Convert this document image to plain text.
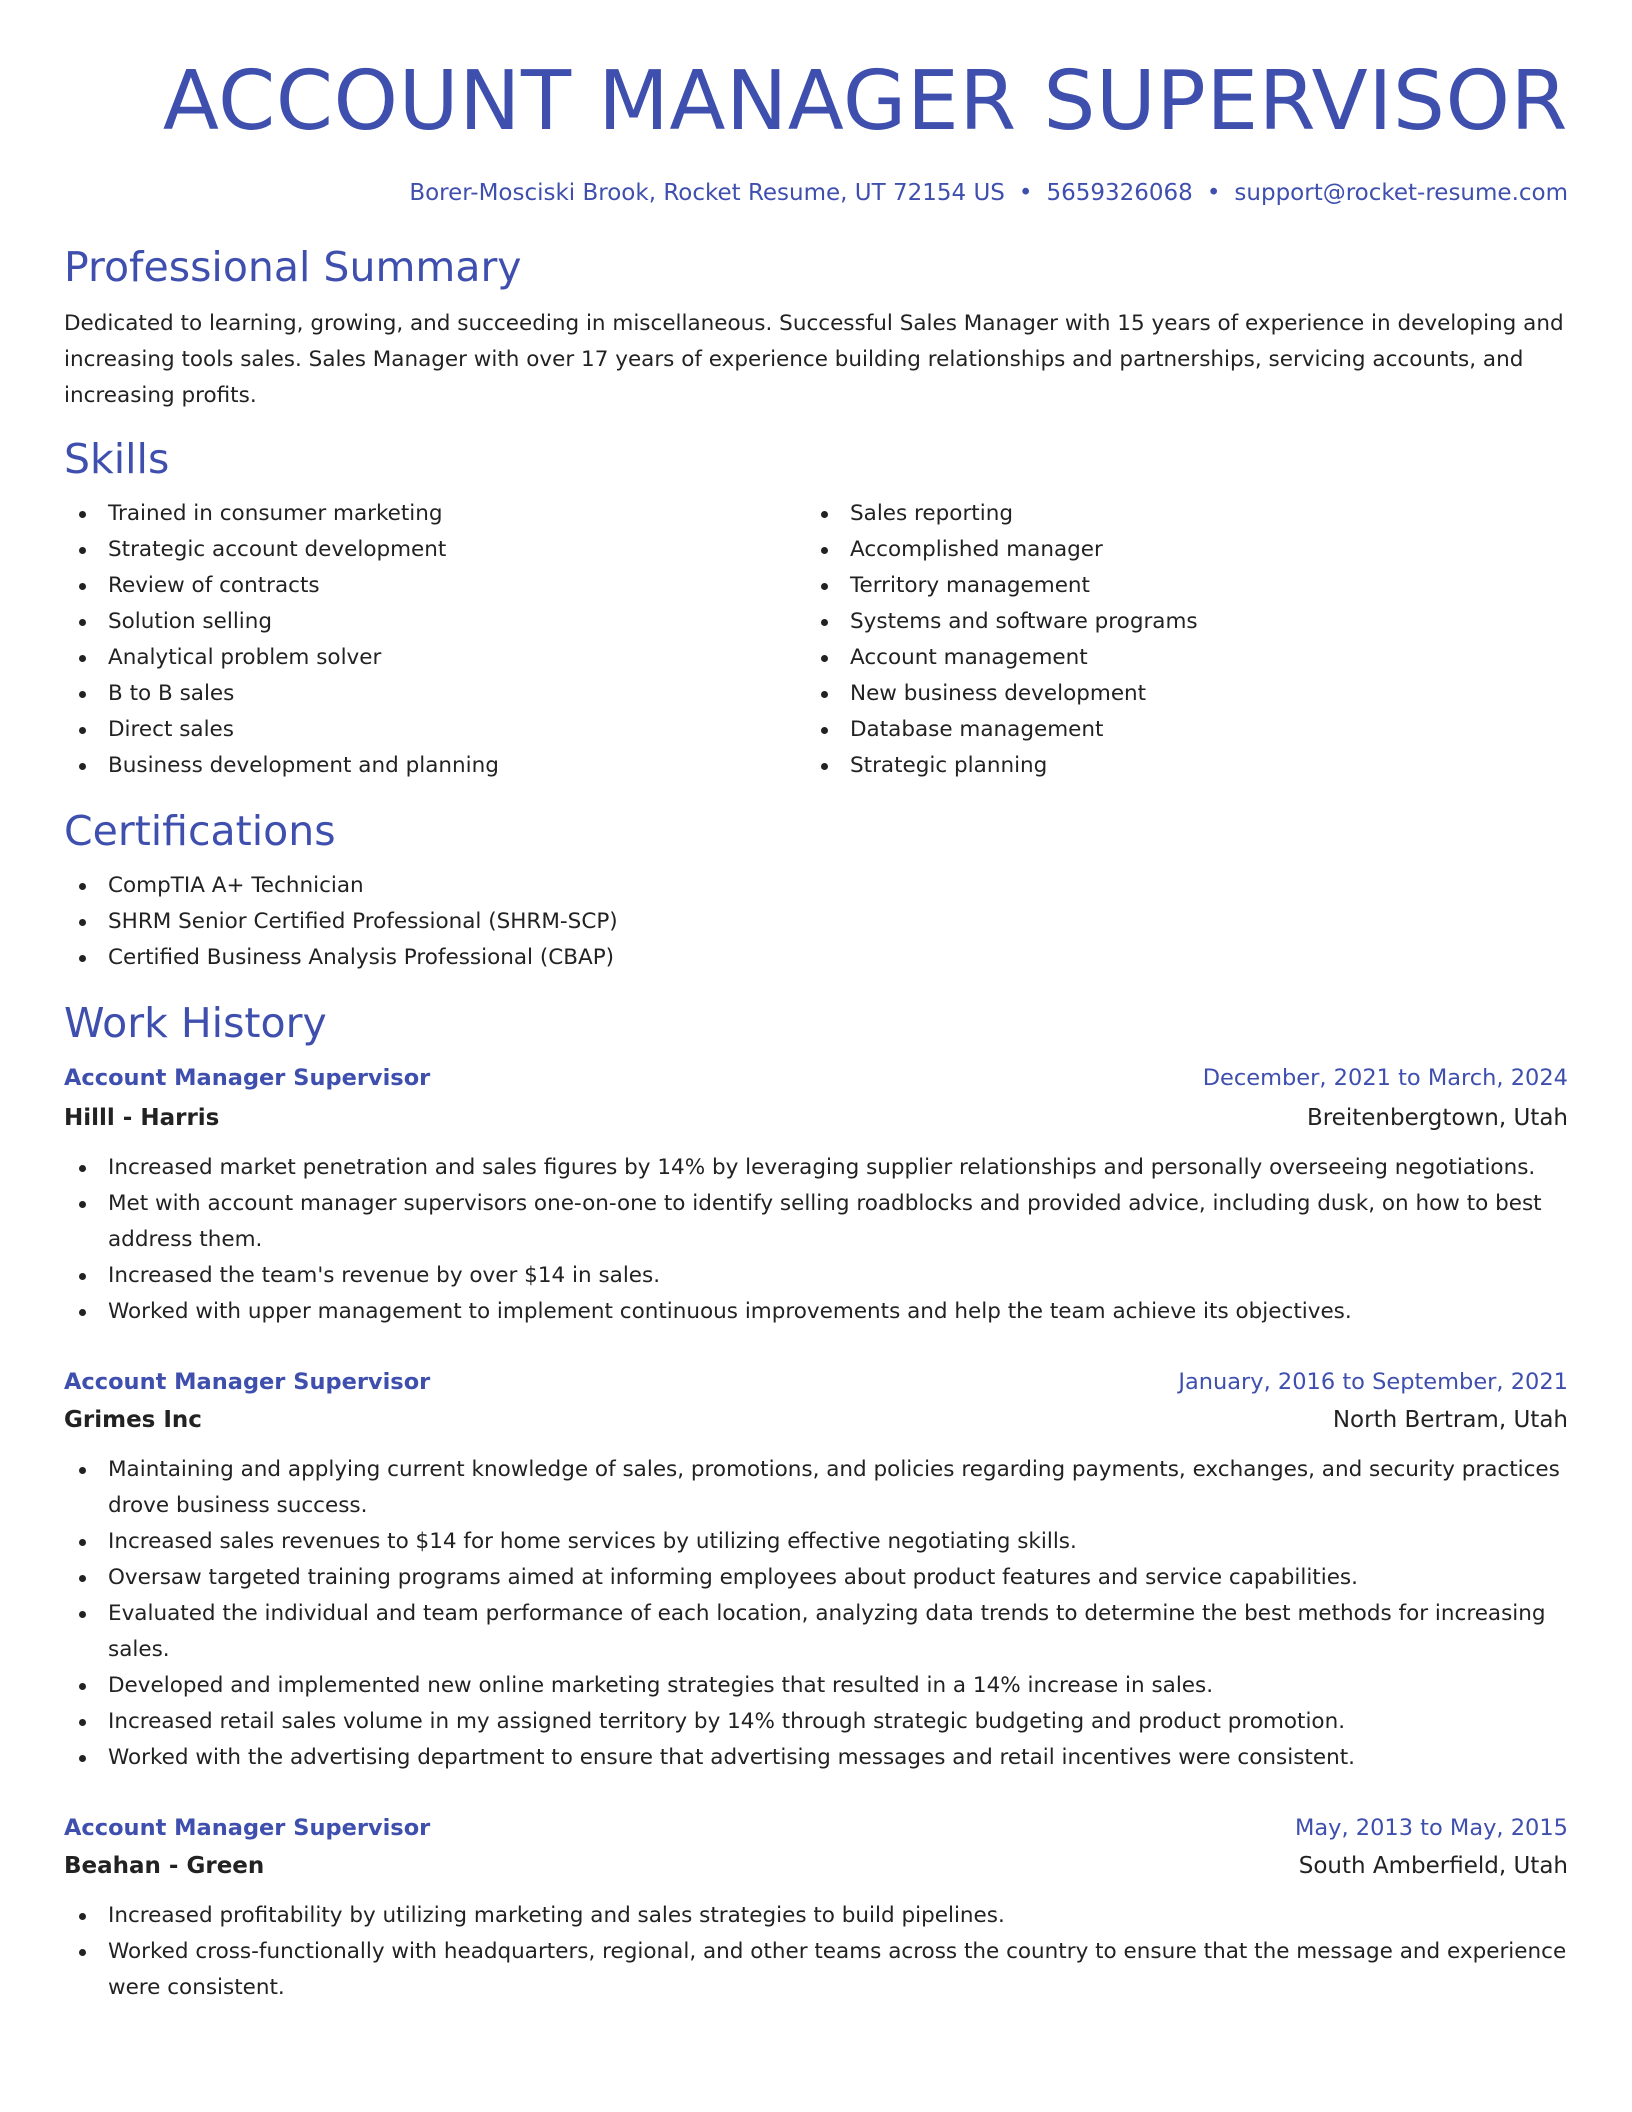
ACCOUNT MANAGER SUPERVISOR
Borer-Mosciski Brook, Rocket Resume, UT 72154 US • 5659326068 • support@rocket-resume.com
Professional Summary

Dedicated to learning, growing, and succeeding in miscellaneous. Successful Sales Manager with 15 years of experience in developing and increasing tools sales. Sales Manager with over 17 years of experience building relationships and partnerships, servicing accounts, and increasing profits.

Skills
Trained in consumer marketing
Strategic account development
Review of contracts
Solution selling
Analytical problem solver
B to B sales
Direct sales
Business development and planning
Sales reporting
Accomplished manager
Territory management
Systems and software programs
Account management
New business development
Database management
Strategic planning
Certifications
CompTIA A+ Technician
SHRM Senior Certified Professional (SHRM-SCP)
Certified Business Analysis Professional (CBAP)
Work History
Account Manager Supervisor	December, 2021 to March, 2024
Hilll - Harris	Breitenbergtown, Utah
Increased market penetration and sales figures by 14% by leveraging supplier relationships and personally overseeing negotiations.
Met with account manager supervisors one-on-one to identify selling roadblocks and provided advice, including dusk, on how to best address them.
Increased the team's revenue by over $14 in sales.
Worked with upper management to implement continuous improvements and help the team achieve its objectives.
Account Manager Supervisor	January, 2016 to September, 2021
Grimes Inc	North Bertram, Utah
Maintaining and applying current knowledge of sales, promotions, and policies regarding payments, exchanges, and security practices drove business success.
Increased sales revenues to $14 for home services by utilizing effective negotiating skills.
Oversaw targeted training programs aimed at informing employees about product features and service capabilities.
Evaluated the individual and team performance of each location, analyzing data trends to determine the best methods for increasing sales.
Developed and implemented new online marketing strategies that resulted in a 14% increase in sales.
Increased retail sales volume in my assigned territory by 14% through strategic budgeting and product promotion.
Worked with the advertising department to ensure that advertising messages and retail incentives were consistent.
Account Manager Supervisor	May, 2013 to May, 2015
Beahan - Green	South Amberfield, Utah
Increased profitability by utilizing marketing and sales strategies to build pipelines.
Worked cross-functionally with headquarters, regional, and other teams across the country to ensure that the message and experience were consistent.
